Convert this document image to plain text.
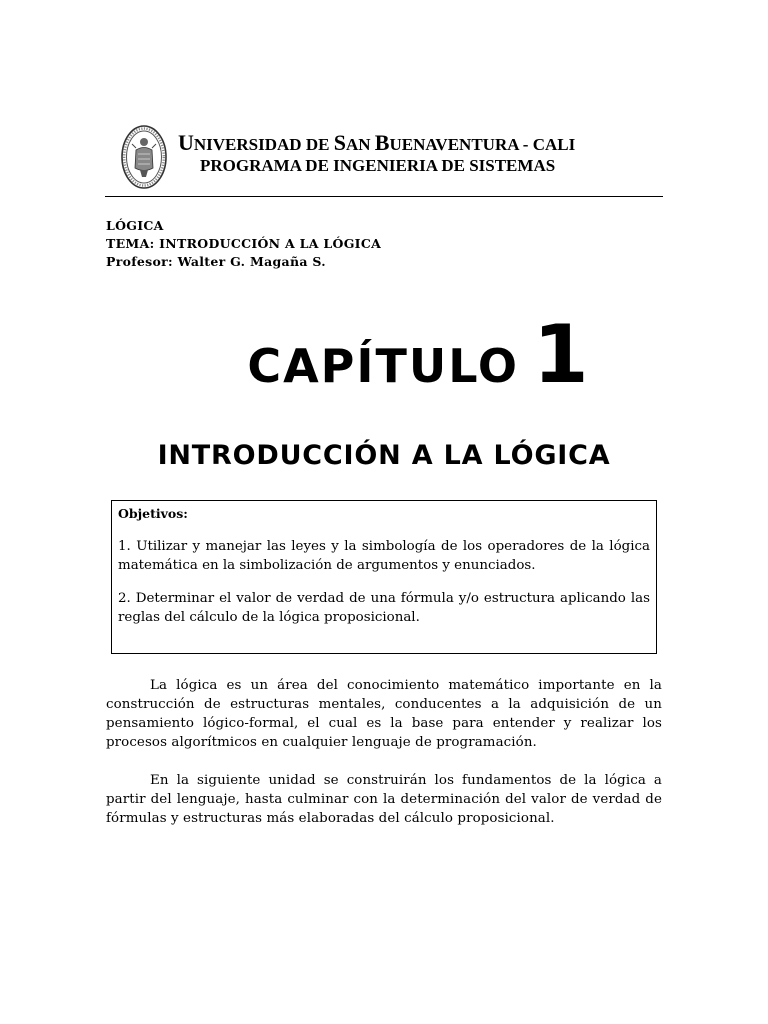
UNIVERSIDAD DE SAN BUENAVENTURA - CALI
PROGRAMA DE INGENIERIA DE SISTEMAS
LÓGICA
TEMA: INTRODUCCIÓN A LA LÓGICA
Profesor: Walter G. Magaña S.
CAPÍTULO 1
INTRODUCCIÓN A LA LÓGICA
Objetivos:

1. Utilizar y manejar las leyes y la simbología de los operadores de la lógica matemática en la simbolización de argumentos y enunciados.

2. Determinar el valor de verdad de una fórmula y/o estructura aplicando las reglas del cálculo de la lógica proposicional.

La lógica es un área del conocimiento matemático importante en la construcción de estructuras mentales, conducentes a la adquisición de un pensamiento lógico-formal, el cual es la base para entender y realizar los procesos algorítmicos en cualquier lenguaje de programación.

En la siguiente unidad se construirán los fundamentos de la lógica a partir del lenguaje, hasta culminar con la determinación del valor de verdad de fórmulas y estructuras más elaboradas del cálculo proposicional.
